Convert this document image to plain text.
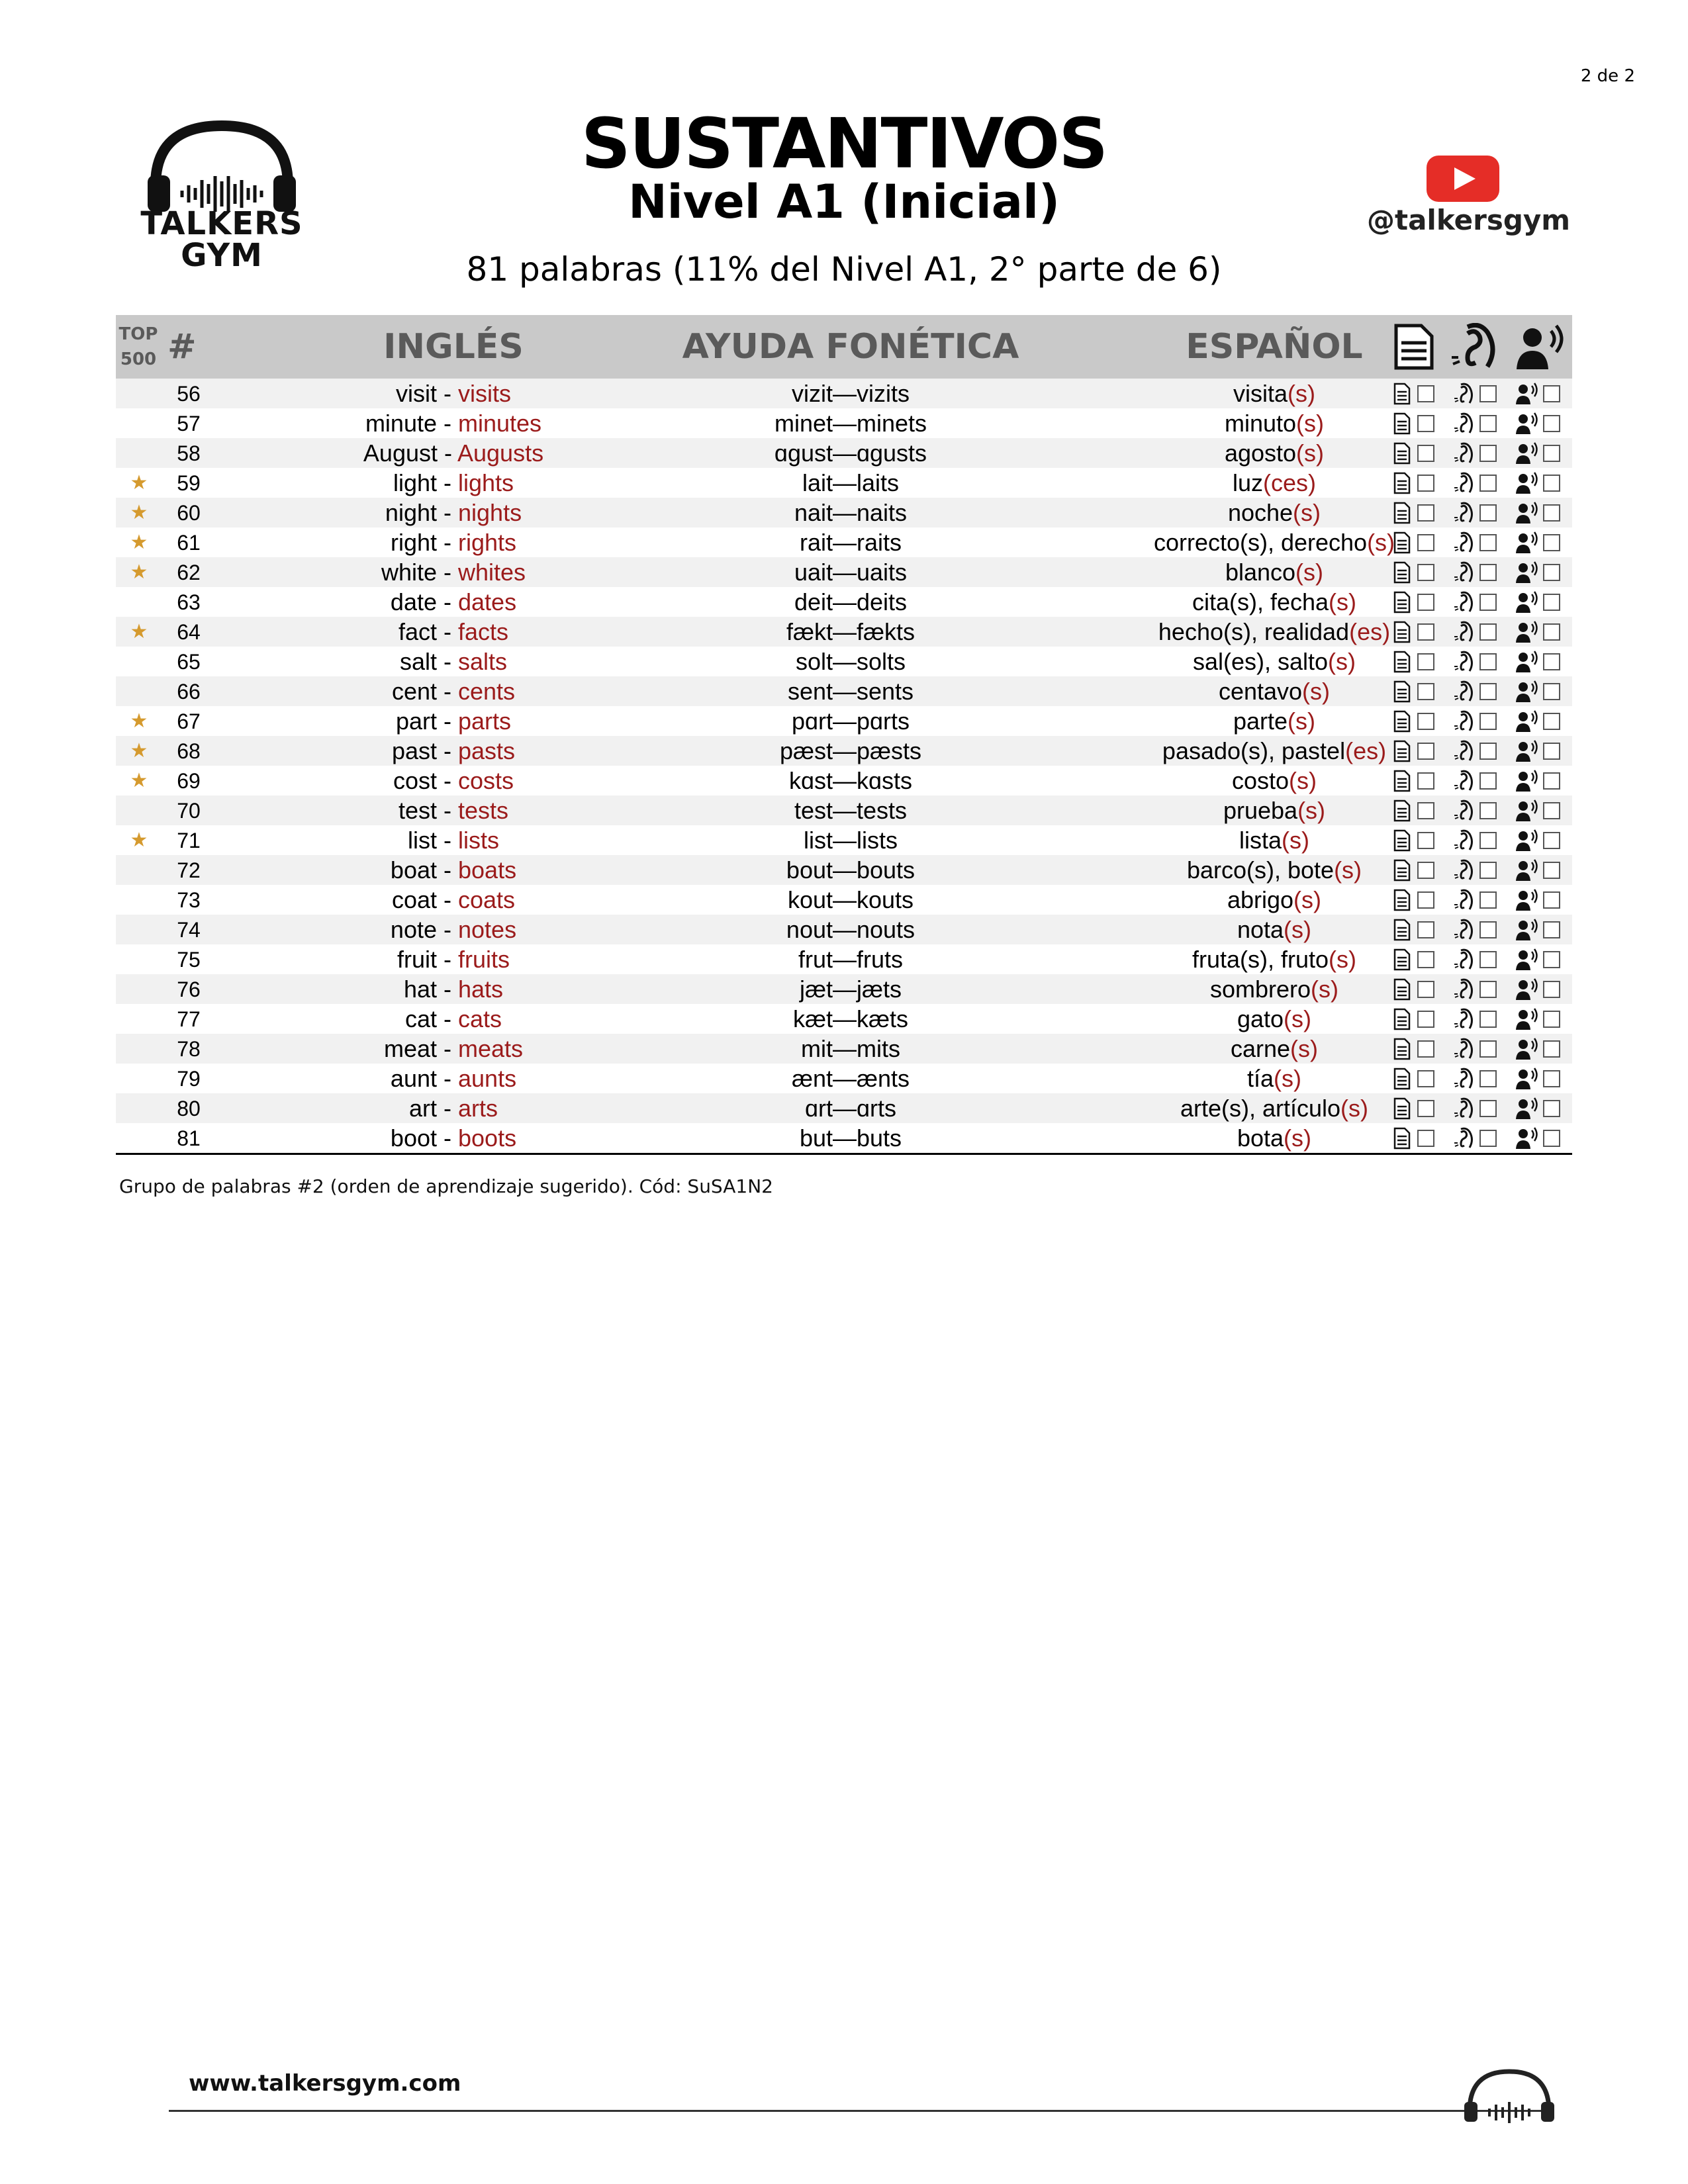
2 de 2
TALKERS
GYM
SUSTANTIVOS
Nivel A1 (Inicial)
81 palabras (11% del Nivel A1, 2° parte de 6)
@talkersgym
TOP 500 #	INGLÉS	AYUDA FONÉTICA	ESPAÑOL
56	visit - visits	vizit—vizits	visita(s)
57	minute - minutes	minet—minets	minuto(s)
58	August - Augusts	ɑgust—ɑgusts	agosto(s)
★	59	light - lights	lait—laits	luz(ces)
★	60	night - nights	nait—naits	noche(s)
★	61	right - rights	rait—raits	correcto(s), derecho(s)
★	62	white - whites	uait—uaits	blanco(s)
63	date - dates	deit—deits	cita(s), fecha(s)
★	64	fact - facts	fækt—fækts	hecho(s), realidad(es)
65	salt - salts	solt—solts	sal(es), salto(s)
66	cent - cents	sent—sents	centavo(s)
★	67	part - parts	pɑrt—pɑrts	parte(s)
★	68	past - pasts	pæst—pæsts	pasado(s), pastel(es)
★	69	cost - costs	kɑst—kɑsts	costo(s)
70	test - tests	test—tests	prueba(s)
★	71	list - lists	list—lists	lista(s)
72	boat - boats	bout—bouts	barco(s), bote(s)
73	coat - coats	kout—kouts	abrigo(s)
74	note - notes	nout—nouts	nota(s)
75	fruit - fruits	frut—fruts	fruta(s), fruto(s)
76	hat - hats	jæt—jæts	sombrero(s)
77	cat - cats	kæt—kæts	gato(s)
78	meat - meats	mit—mits	carne(s)
79	aunt - aunts	ænt—ænts	tía(s)
80	art - arts	ɑrt—ɑrts	arte(s), artículo(s)
81	boot - boots	but—buts	bota(s)
Grupo de palabras #2 (orden de aprendizaje sugerido). Cód: SuSA1N2
www.talkersgym.com
